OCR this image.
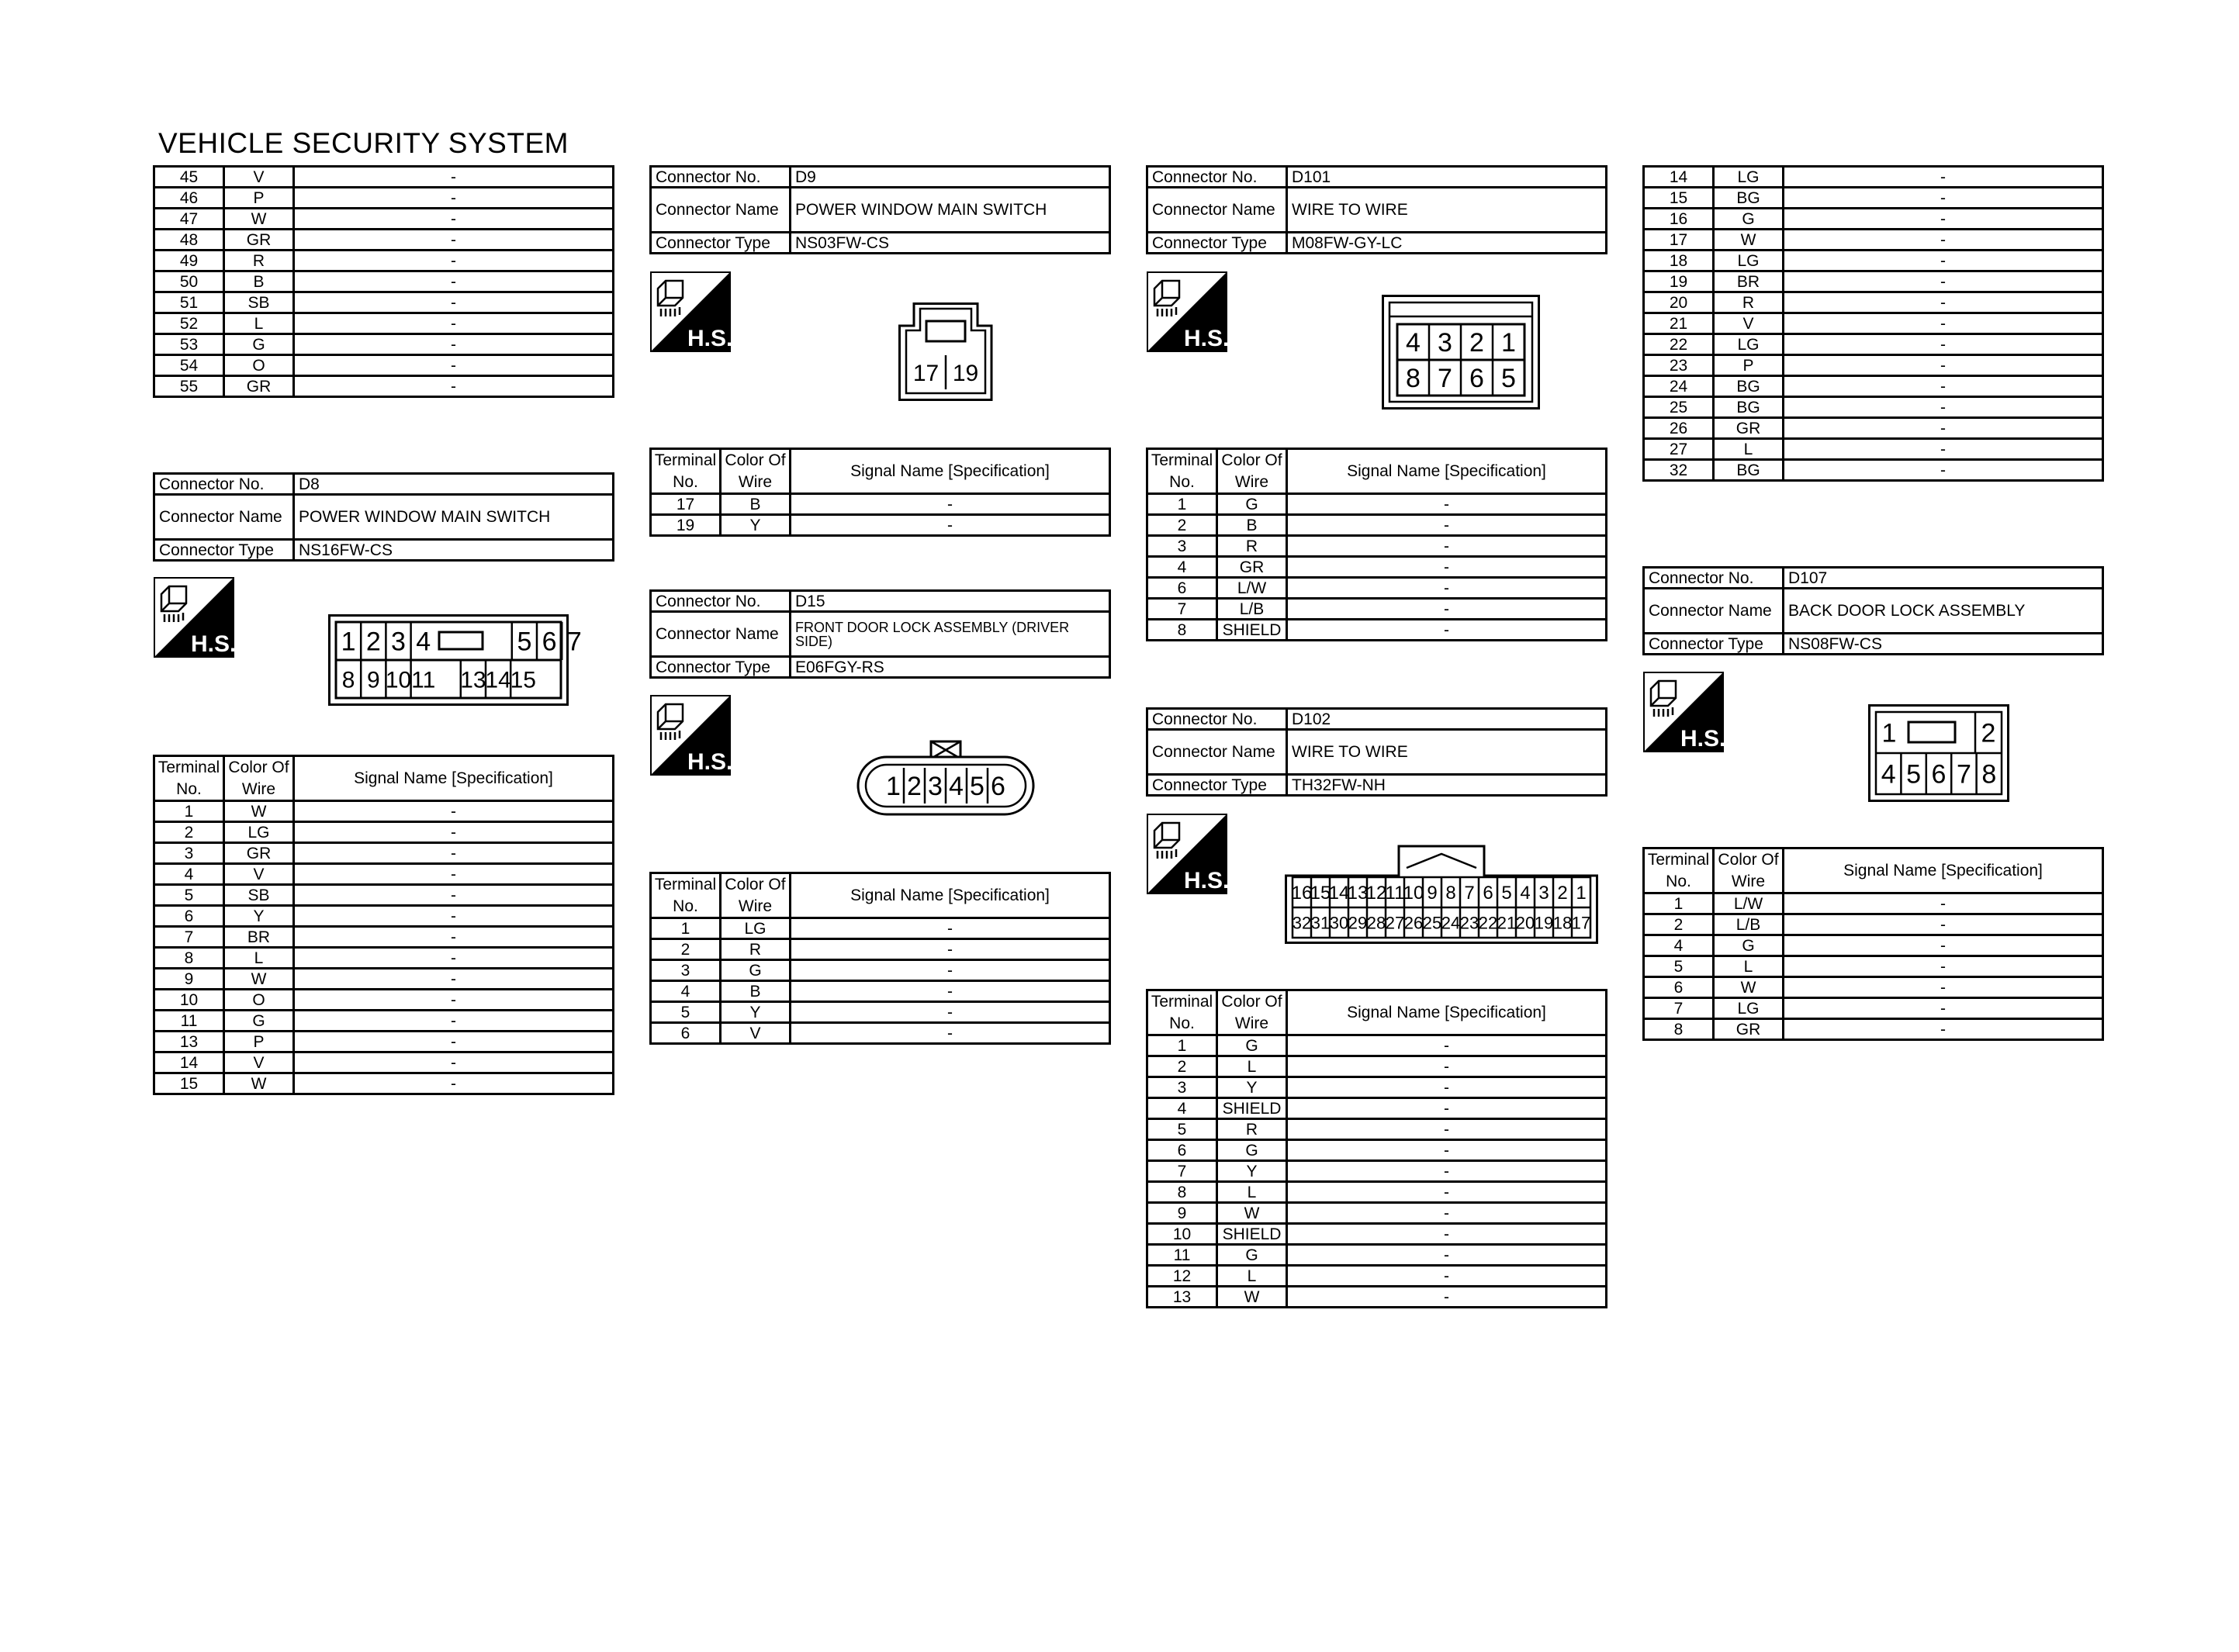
VEHICLE SECURITY SYSTEM
45	V	-
46	P	-
47	W	-
48	GR	-
49	R	-
50	B	-
51	SB	-
52	L	-
53	G	-
54	O	-
55	GR	-
Connector No.	D8
Connector Name	POWER WINDOW MAIN SWITCH
Connector Type	NS16FW-CS
H.S.	1 2 3 4	5 6 7
8 9 10 11 13
14
15
Terminal
No.	Color Of
Wire	Signal Name [Specification]
1	W	-
2	LG	-
3	GR	-
4	V	-
5	SB	-
6	Y	-
7	BR	-
8	L	-
9	W	-
10	O	-
11	G	-
13	P	-
14	V	-
15	W	-
Connector No.	D9
Connector Name	POWER WINDOW MAIN SWITCH
Connector Type	NS03FW-CS
H.S.
17 19
Terminal
No.	Color Of
Wire	Signal Name [Specification]
17	B	-
19	Y	-
Connector No.	D15
Connector Name	FRONT DOOR LOCK ASSEMBLY (DRIVER SIDE)
Connector Type	E06FGY-RS
H.S.
1 2 3 4 5 6
Terminal
No.	Color Of
Wire	Signal Name [Specification]
1	LG	-
2	R	-
3	G	-
4	B	-
5	Y	-
6	V	-
Connector No.	D101
Connector Name	WIRE TO WIRE
Connector Type	M08FW-GY-LC
H.S.	4 3 2 1
8 7 6 5
Terminal
No.	Color Of
Wire	Signal Name [Specification]
1	G	-
2	B	-
3	R	-
4	GR	-
6	L/W	-
7	L/B	-
8	SHIELD	-
Connector No.	D102
Connector Name	WIRE TO WIRE
Connector Type	TH32FW-NH
H.S.	16
15
14
13
12
11
10 9 8 7 6 5 4 3 2 1
32 31 30 29 28 27 26 25 24 23 22 21 20 19 18 17
Terminal
No.	Color Of
Wire	Signal Name [Specification]
1	G	-
2	L	-
3	Y	-
4	SHIELD	-
5	R	-
6	G	-
7	Y	-
8	L	-
9	W	-
10	SHIELD	-
11	G	-
12	L	-
13	W	-
14	LG	-
15	BG	-
16	G	-
17	W	-
18	LG	-
19	BR	-
20	R	-
21	V	-
22	LG	-
23	P	-
24	BG	-
25	BG	-
26	GR	-
27	L	-
32	BG	-
Connector No.	D107
Connector Name	BACK DOOR LOCK ASSEMBLY
Connector Type	NS08FW-CS
H.S.	1	2
4 5 6 7 8
Terminal
No.	Color Of
Wire	Signal Name [Specification]
1	L/W	-
2	L/B	-
4	G	-
5	L	-
6	W	-
7	LG	-
8	GR	-
